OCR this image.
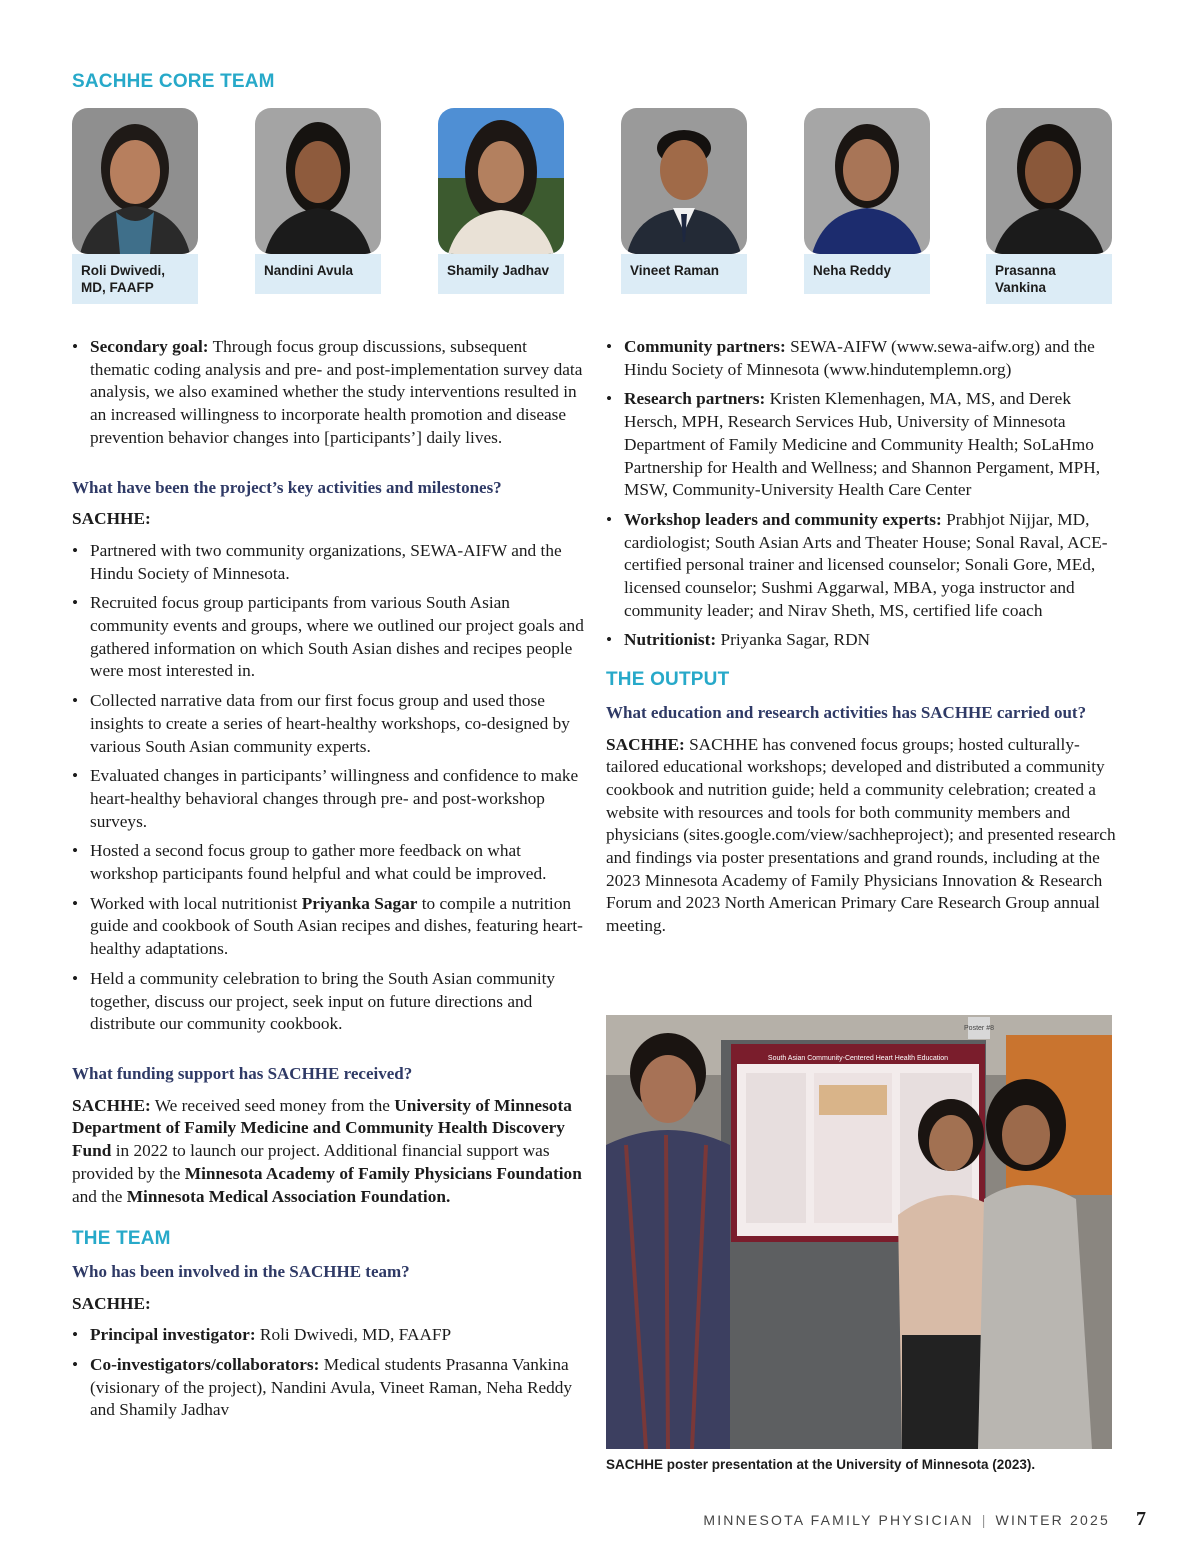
SACHHE CORE TEAM
Roli Dwivedi,
MD, FAAFP
Nandini Avula	Shamily Jadhav	Vineet Raman	Neha Reddy	Prasanna
Vankina
• Secondary goal: Through focus group discussions, subsequent thematic coding analysis and pre- and post-implementation survey data analysis, we also examined whether the study interventions resulted in an increased willingness to incorporate health promotion and disease prevention behavior changes into [participants’] daily lives.

What have been the project’s key activities and milestones?

SACHHE:

• Partnered with two community organizations, SEWA-AIFW and the Hindu Society of Minnesota.
• Recruited focus group participants from various South Asian community events and groups, where we outlined our project goals and gathered information on which South Asian dishes and recipes people were most interested in.
• Collected narrative data from our first focus group and used those insights to create a series of heart-healthy workshops, co-designed by various South Asian community experts.
• Evaluated changes in participants’ willingness and confidence to make heart-healthy behavioral changes through pre- and post-workshop surveys.
• Hosted a second focus group to gather more feedback on what workshop participants found helpful and what could be improved.
• Worked with local nutritionist Priyanka Sagar to compile a nutrition guide and cookbook of South Asian recipes and dishes, featuring heart-healthy adaptations.
• Held a community celebration to bring the South Asian community together, discuss our project, seek input on future directions and distribute our community cookbook.

What funding support has SACHHE received?

SACHHE: We received seed money from the University of Minnesota Department of Family Medicine and Community Health Discovery Fund in 2022 to launch our project. Additional financial support was provided by the Minnesota Academy of Family Physicians Foundation and the Minnesota Medical Association Foundation.

THE TEAM

Who has been involved in the SACHHE team?

SACHHE:

• Principal investigator: Roli Dwivedi, MD, FAAFP
• Co-investigators/collaborators: Medical students Prasanna Vankina (visionary of the project), Nandini Avula, Vineet Raman, Neha Reddy and Shamily Jadhav
• Community partners: SEWA-AIFW (www.sewa-aifw.org) and the Hindu Society of Minnesota (www.hindutemplemn.org)
• Research partners: Kristen Klemenhagen, MA, MS, and Derek Hersch, MPH, Research Services Hub, University of Minnesota Department of Family Medicine and Community Health; SoLaHmo Partnership for Health and Wellness; and Shannon Pergament, MPH, MSW, Community-University Health Care Center
• Workshop leaders and community experts: Prabhjot Nijjar, MD, cardiologist; South Asian Arts and Theater House; Sonal Raval, ACE-certified personal trainer and licensed counselor; Sonali Gore, MEd, licensed counselor; Sushmi Aggarwal, MBA, yoga instructor and community leader; and Nirav Sheth, MS, certified life coach
• Nutritionist: Priyanka Sagar, RDN
THE OUTPUT

What education and research activities has SACHHE carried out?

SACHHE: SACHHE has convened focus groups; hosted culturally-tailored educational workshops; developed and distributed a community cookbook and nutrition guide; held a community celebration; created a website with resources and tools for both community members and physicians (sites.google.com/view/sachheproject); and presented research and findings via poster presentations and grand rounds, including at the 2023 Minnesota Academy of Family Physicians Innovation & Research Forum and 2023 North American Primary Care Research Group annual meeting.

Poster #8
South Asian Community-Centered Heart Health Education
SACHHE poster presentation at the University of Minnesota (2023).
MINNESOTA FAMILY PHYSICIAN | WINTER 2025 7
